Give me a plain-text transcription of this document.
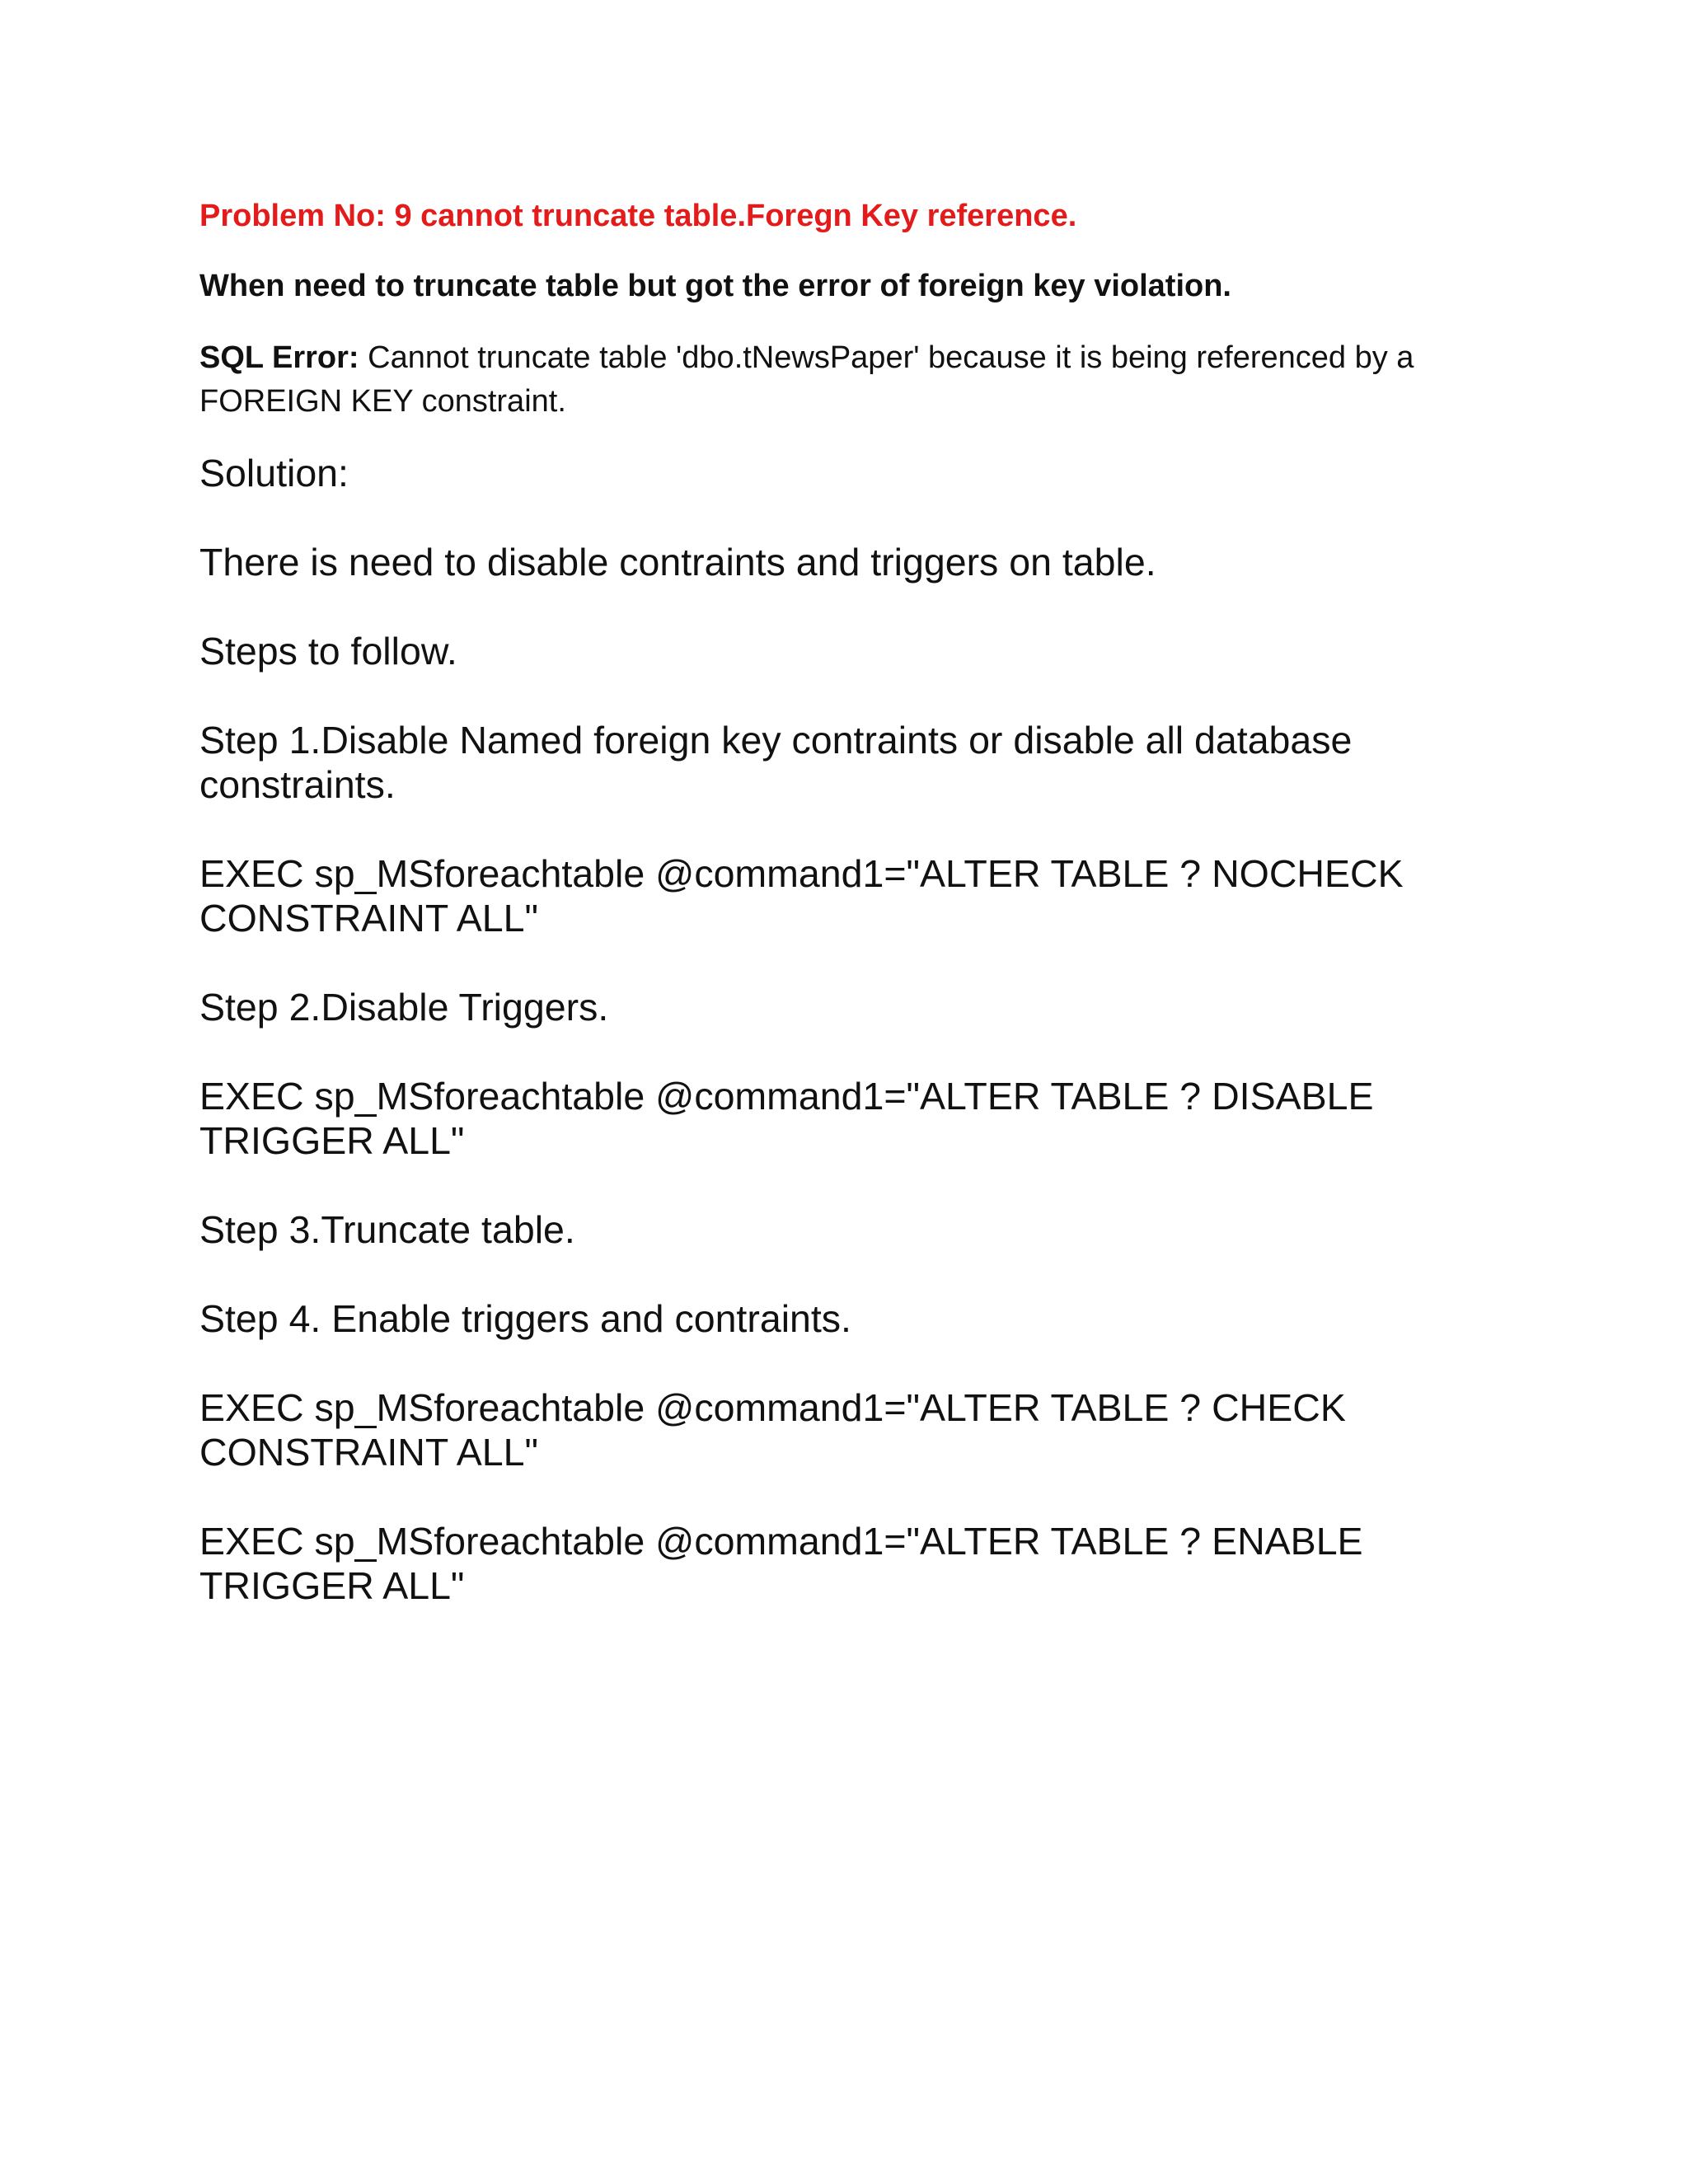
Problem No: 9 cannot truncate table.Foregn Key reference.

When need to truncate table but got the error of foreign key violation.

SQL Error: Cannot truncate table 'dbo.tNewsPaper' because it is being referenced by a FOREIGN KEY constraint.

Solution:

There is need to disable contraints and triggers on table.

Steps to follow.

Step 1.Disable Named foreign key contraints or disable all database

constraints.

EXEC sp_MSforeachtable @command1="ALTER TABLE ? NOCHECK

CONSTRAINT ALL"

Step 2.Disable Triggers.

EXEC sp_MSforeachtable @command1="ALTER TABLE ? DISABLE

TRIGGER ALL"

Step 3.Truncate table.

Step 4. Enable triggers and contraints.

EXEC sp_MSforeachtable @command1="ALTER TABLE ? CHECK

CONSTRAINT ALL"

EXEC sp_MSforeachtable @command1="ALTER TABLE ? ENABLE

TRIGGER ALL"
